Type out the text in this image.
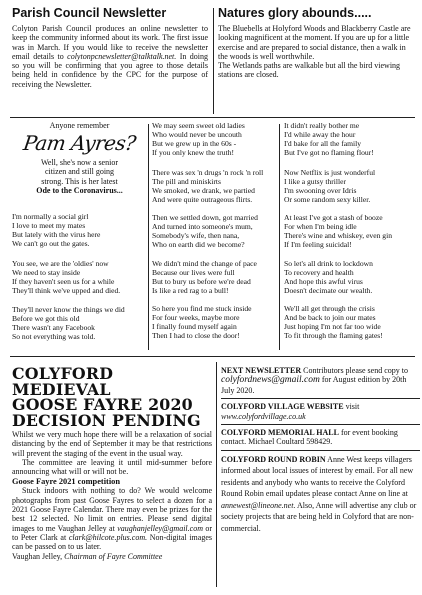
Parish Council Newsletter

Colyton Parish Council produces an online newsletter to keep the community informed about its work. The first issue was in March. If you would like to receive the newsletter email details to colytonpcnewsletter@talktalk.net. In doing so you will be confirming that you agree to those details being held in confidence by the CPC for the purpose of receiving the Newsletter.

Natures glory abounds.....

The Bluebells at Holyford Woods and Blackberry Castle are looking magnificent at the moment. If you are up for a little exercise and are prepared to social distance, then a walk in the woods is well worthwhile.
The Wetlands paths are walkable but all the bird viewing stations are closed.

Anyone remember
Pam Ayres?
Well, she's now a senior
citizen and still going
strong. This is her latest
Ode to the Coronavirus...
I'm normally a social girl
I love to meet my mates
But lately with the virus here
We can't go out the gates.
You see, we are the 'oldies' now
We need to stay inside
If they haven't seen us for a while
They'll think we've upped and died.
They'll never know the things we did
Before we got this old
There wasn't any Facebook
So not everything was told.
We may seem sweet old ladies
Who would never be uncouth
But we grew up in the 60s -
If you only knew the truth!
There was sex 'n drugs 'n rock 'n roll
The pill and miniskirts
We smoked, we drank, we partied
And were quite outrageous flirts.
Then we settled down, got married
And turned into someone's mum,
Somebody's wife, then nana,
Who on earth did we become?
We didn't mind the change of pace
Because our lives were full
But to bury us before we're dead
Is like a red rag to a bull!
So here you find me stuck inside
For four weeks, maybe more
I finally found myself again
Then I had to close the door!
It didn't really bother me
I'd while away the hour
I'd bake for all the family
But I've got no flaming flour!
Now Netflix is just wonderful
I like a gutsy thriller
I'm swooning over Idris
Or some random sexy killer.
At least I've got a stash of booze
For when I'm being idle
There's wine and whiskey, even gin
If I'm feeling suicidal!
So let's all drink to lockdown
To recovery and health
And hope this awful virus
Doesn't decimate our wealth.
We'll all get through the crisis
And be back to join our mates
Just hoping I'm not far too wide
To fit through the flaming gates!
COLYFORD MEDIEVAL
GOOSE FAYRE 2020
DECISION PENDING

Whilst we very much hope there will be a relaxation of social distancing by the end of September it may be that restrictions will prevent the staging of the event in the usual way.

The committee are leaving it until mid-summer before announcing what will or will not be.

Goose Fayre 2021 competition

Stuck indoors with nothing to do? We would welcome photographs from past Goose Fayres to select a dozen for a 2021 Goose Fayre Calendar. There may even be prizes for the best 12 selected. No limit on entries. Please send digital images to me Vaughan Jelley at vaughanjelley@gmail.com or to Peter Clark at clark@hilcote.plus.com. Non-digital images can be passed on to us later.

Vaughan Jelley, Chairman of Fayre Committee

NEXT NEWSLETTER Contributors please send copy to colyfordnews@gmail.com for August edition by 20th July 2020.

COLYFORD VILLAGE WEBSITE visit
www.colyfordvillage.co.uk

COLYFORD MEMORIAL HALL for event booking contact. Michael Coultard 598429.

COLYFORD ROUND ROBIN Anne West keeps villagers informed about local issues of interest by email. For all new residents and anybody who wants to receive the Colyford Round Robin email updates please contact Anne on line at annewest@lineone.net. Also, Anne will advertise any club or society projects that are being held in Colyford that are non-commercial.
